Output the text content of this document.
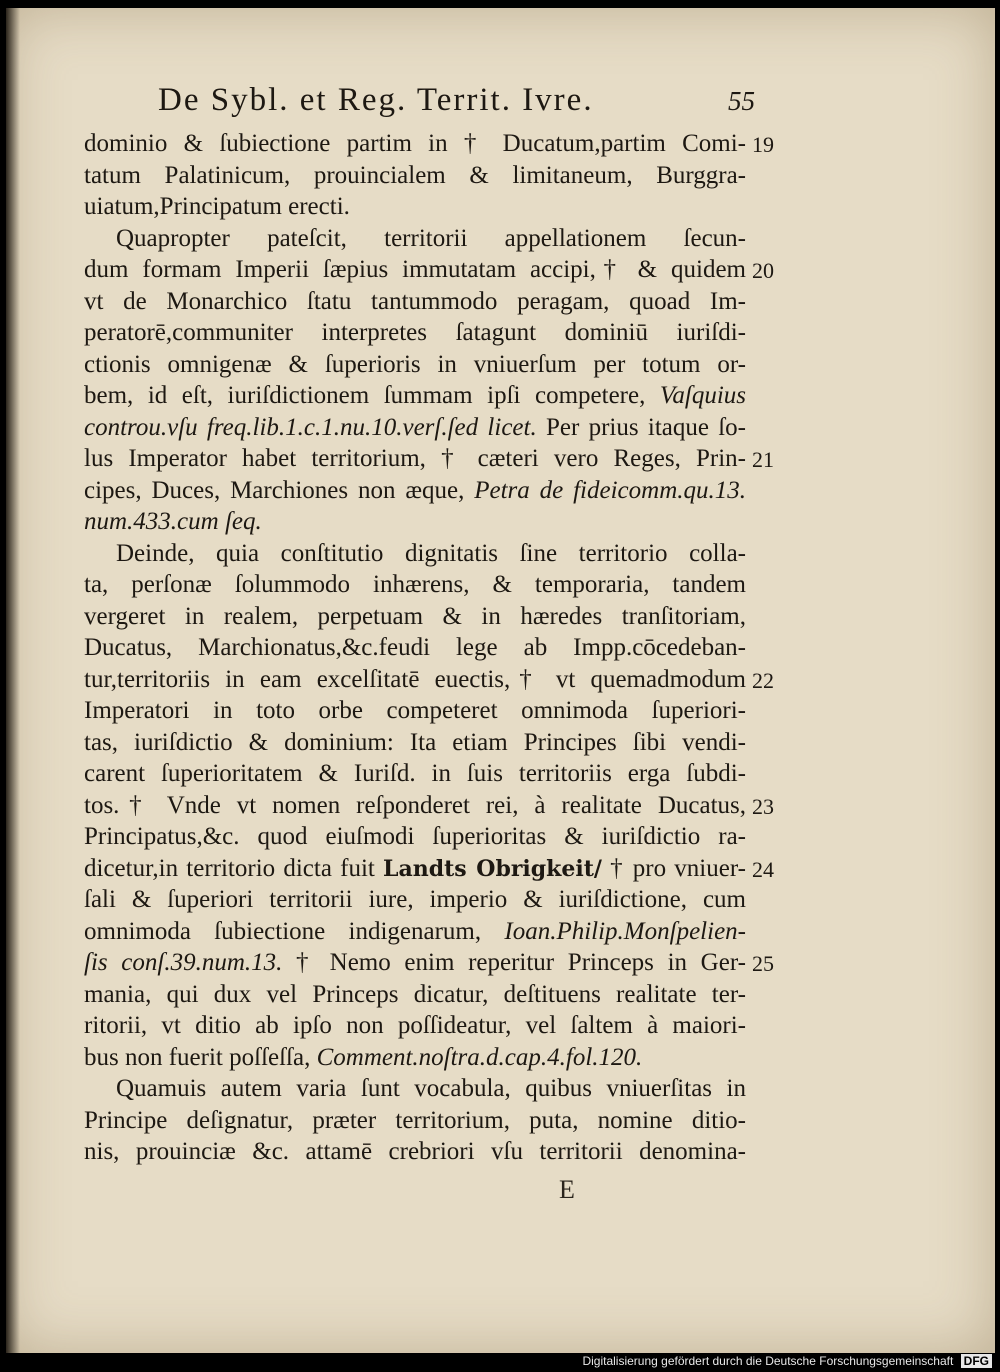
De Sybl. et Reg. Territ. Ivre.	55
dominio & ſubiectione partim in † Ducatum,partim Comi-
tatum Palatinicum, prouincialem & limitaneum, Burggra-
uiatum,Principatum erecti.
Quapropter pateſcit, territorii appellationem ſecun-
dum formam Imperii ſæpius immutatam accipi,† & quidem
vt de Monarchico ſtatu tantummodo peragam, quoad Im-
peratorē,communiter interpretes ſatagunt dominiū iuriſdi-
ctionis omnigenæ & ſuperioris in vniuerſum per totum or-
bem, id eſt, iuriſdictionem ſummam ipſi competere, Vaſquius
controu.vſu freq.lib.1.c.1.nu.10.verſ.ſed licet. Per prius itaque ſo-
lus Imperator habet territorium, † cæteri vero Reges, Prin-
cipes, Duces, Marchiones non æque, Petra de fideicomm.qu.13.
num.433.cum ſeq.
Deinde, quia conſtitutio dignitatis ſine territorio colla-
ta, perſonæ ſolummodo inhærens, & temporaria, tandem
vergeret in realem, perpetuam & in hæredes tranſitoriam,
Ducatus, Marchionatus,&c.feudi lege ab Impp.cōcedeban-
tur,territoriis in eam excelſitatē euectis,† vt quemadmodum
Imperatori in toto orbe competeret omnimoda ſuperiori-
tas, iuriſdictio & dominium: Ita etiam Principes ſibi vendi-
carent ſuperioritatem & Iuriſd. in ſuis territoriis erga ſubdi-
tos.† Vnde vt nomen reſponderet rei, à realitate Ducatus,
Principatus,&c. quod eiuſmodi ſuperioritas & iuriſdictio ra-
dicetur,in territorio dicta fuit Landts Obrigkeit/ † pro vniuer-
ſali & ſuperiori territorii iure, imperio & iuriſdictione, cum
omnimoda ſubiectione indigenarum, Ioan.Philip.Monſpelien-
ſis conſ.39.num.13. † Nemo enim reperitur Princeps in Ger-
mania, qui dux vel Princeps dicatur, deſtituens realitate ter-
ritorii, vt ditio ab ipſo non poſſideatur, vel ſaltem à maiori-
bus non fuerit poſſeſſa, Comment.noſtra.d.cap.4.fol.120.
Quamuis autem varia ſunt vocabula, quibus vniuerſitas in
Principe deſignatur, præter territorium, puta, nomine ditio-
nis, prouinciæ &c. attamē crebriori vſu territorii denomina-
19
20
21
22
23
24
25
E
Digitalisierung gefördert durch die Deutsche Forschungsgemeinschaft DFG
